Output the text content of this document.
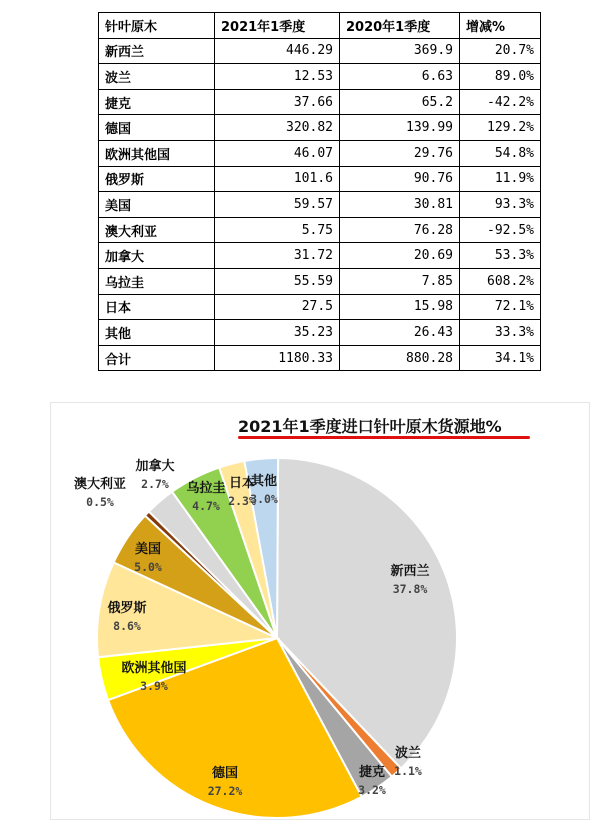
针叶原木	2021年1季度	2020年1季度	增减%
新西兰	446.29	369.9	20.7%
波兰	12.53	6.63	89.0%
捷克	37.66	65.2	-42.2%
德国	320.82	139.99	129.2%
欧洲其他国	46.07	29.76	54.8%
俄罗斯	101.6	90.76	11.9%
美国	59.57	30.81	93.3%
澳大利亚	5.75	76.28	-92.5%
加拿大	31.72	20.69	53.3%
乌拉圭	55.59	7.85	608.2%
日本	27.5	15.98	72.1%
其他	35.23	26.43	33.3%
合计	1180.33	880.28	34.1%
2021年1季度进口针叶原木货源地%
新西兰
37.8%
波兰
1.1%
捷克
3.2%
德国
27.2%
欧洲其他国
3.9%
俄罗斯
8.6%
美国
5.0%
澳大利亚
0.5%
加拿大
2.7% 乌拉圭
4.7%
日本
2.3%
其他
3.0%
